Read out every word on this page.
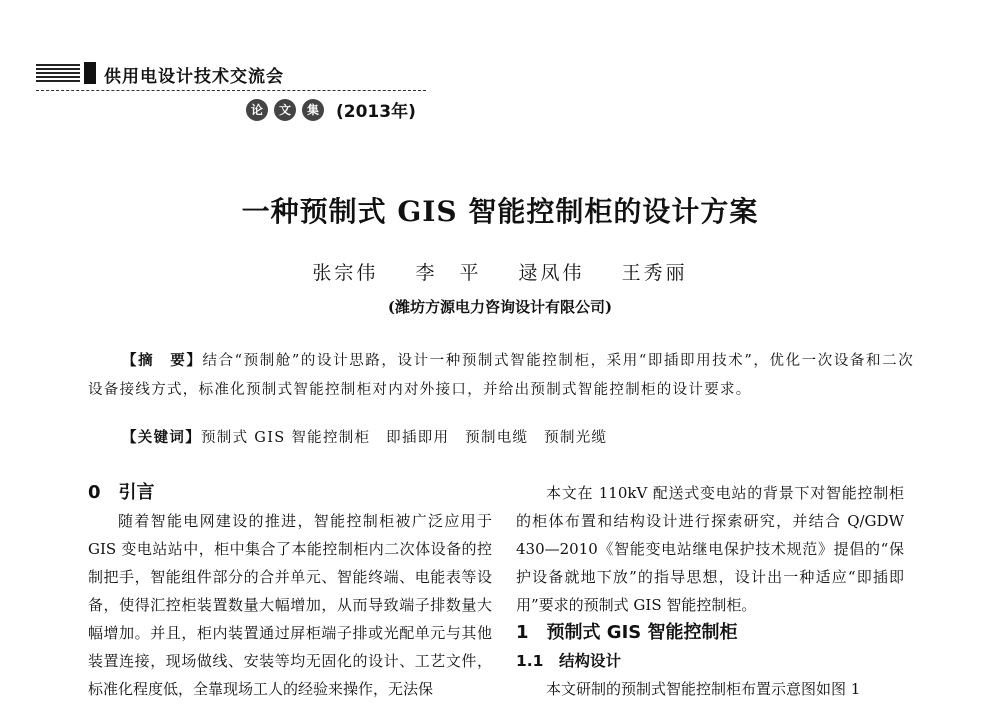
供用电设计技术交流会
论	文	集 (2013年)
一种预制式 GIS 智能控制柜的设计方案
张宗伟 李　平 逯凤伟 王秀丽
(潍坊方源电力咨询设计有限公司)
【摘　要】结合“预制舱”的设计思路，设计一种预制式智能控制柜，采用“即插即用技术”，优化一次设备和二次设备接线方式，标准化预制式智能控制柜对内对外接口，并给出预制式智能控制柜的设计要求。
【关键词】预制式 GIS 智能控制柜　即插即用　预制电缆　预制光缆
0　引言

随着智能电网建设的推进，智能控制柜被广泛应用于 GIS 变电站站中，柜中集合了本能控制柜内二次体设备的控制把手，智能组件部分的合并单元、智能终端、电能表等设备，使得汇控柜装置数量大幅增加，从而导致端子排数量大幅增加。并且，柜内装置通过屏柜端子排或光配单元与其他装置连接，现场做线、安装等均无固化的设计、工艺文件，标准化程度低，全靠现场工人的经验来操作，无法保

本文在 110kV 配送式变电站的背景下对智能控制柜的柜体布置和结构设计进行探索研究，并结合 Q/GDW 430—2010《智能变电站继电保护技术规范》提倡的“保护设备就地下放”的指导思想，设计出一种适应“即插即用”要求的预制式 GIS 智能控制柜。

1　预制式 GIS 智能控制柜
1.1　结构设计

本文研制的预制式智能控制柜布置示意图如图 1
